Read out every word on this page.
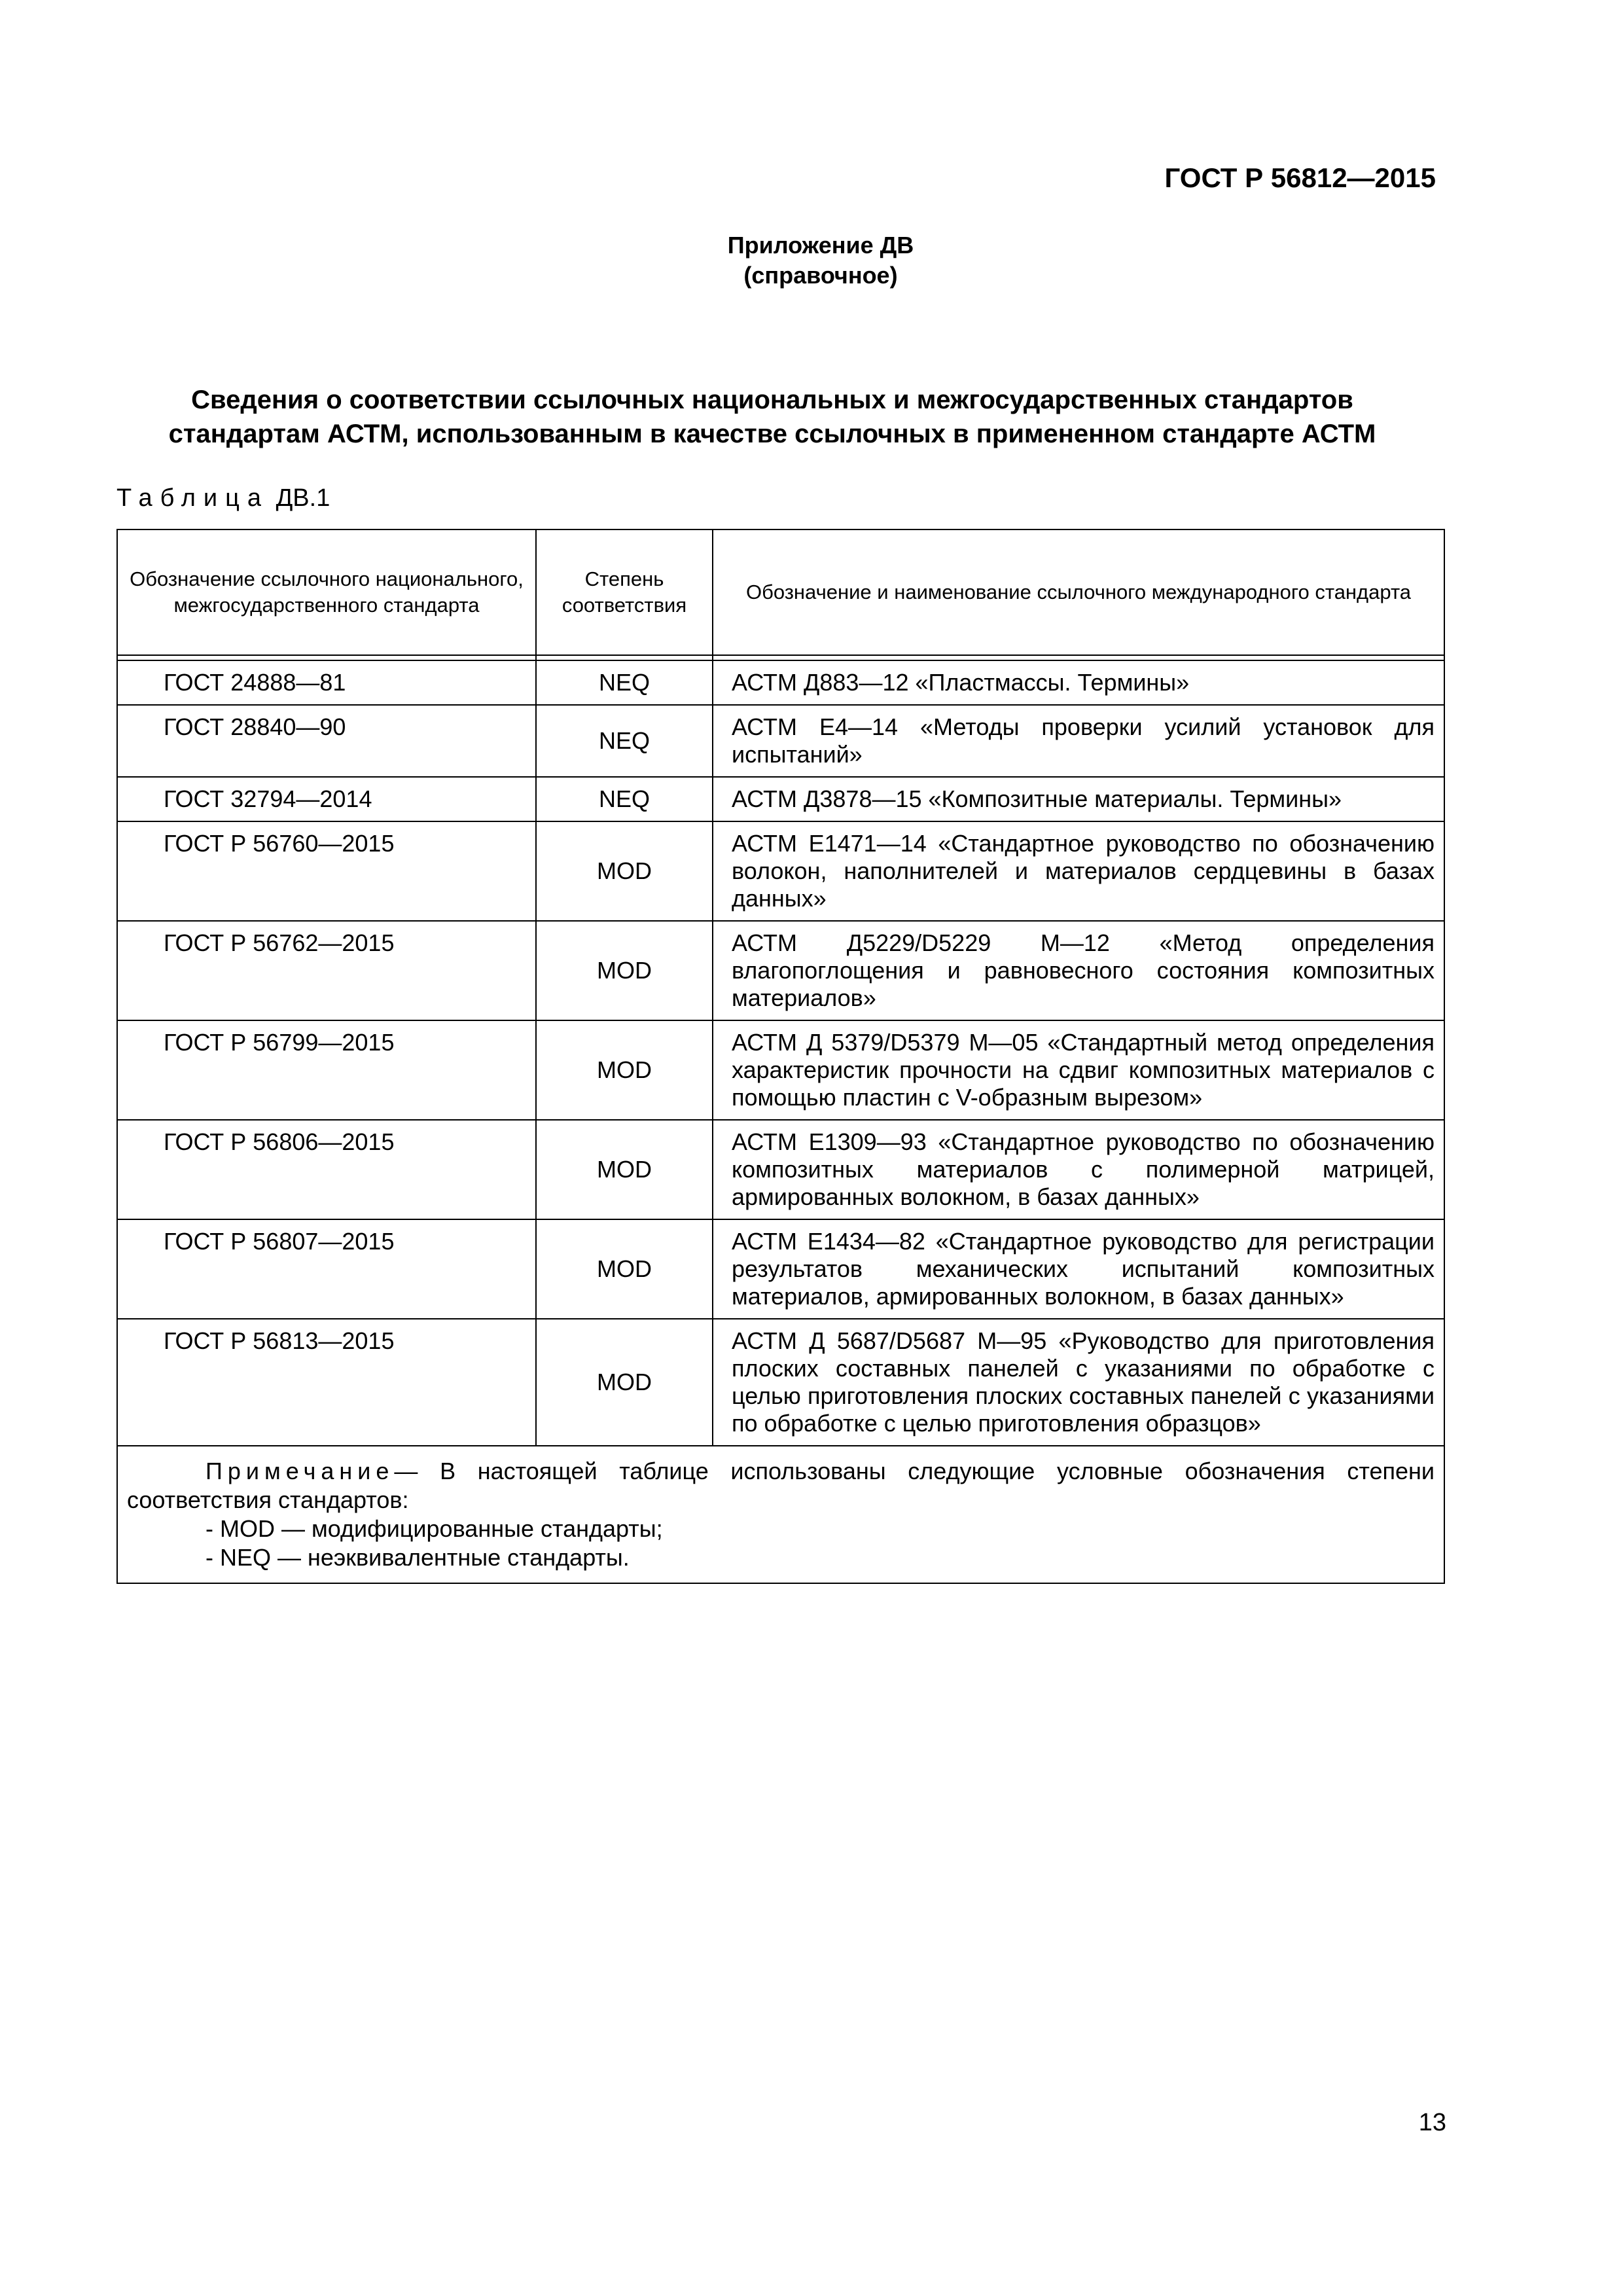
ГОСТ Р 56812—2015
Приложение ДВ
(справочное)
Сведения о соответствии ссылочных национальных и межгосударственных стандартов
стандартам АСТМ, использованным в качестве ссылочных в примененном стандарте АСТМ
Таблица ДВ.1
Обозначение ссылочного национального, межгосударственного стандарта	Степень соответствия	Обозначение и наименование ссылочного международного стандарта

ГОСТ 24888—81	NEQ	АСТМ Д883—12 «Пластмассы. Термины»
ГОСТ 28840—90	NEQ	АСТМ Е4—14 «Методы проверки усилий установок для испытаний»
ГОСТ 32794—2014	NEQ	АСТМ Д3878—15 «Композитные материалы. Термины»
ГОСТ Р 56760—2015	MOD	АСТМ Е1471—14 «Стандартное руководство по обозначению волокон, наполнителей и материалов сердцевины в базах данных»
ГОСТ Р 56762—2015	MOD	АСТМ Д5229/D5229 М—12 «Метод определения влагопоглощения и равновесного состояния композитных материалов»
ГОСТ Р 56799—2015	MOD	АСТМ Д 5379/D5379 М—05 «Стандартный метод определения характеристик прочности на сдвиг композитных материалов с помощью пластин с V-образным вырезом»
ГОСТ Р 56806—2015	MOD	АСТМ Е1309—93 «Стандартное руководство по обозначению композитных материалов с полимерной матрицей, армированных волокном, в базах данных»
ГОСТ Р 56807—2015	MOD	АСТМ Е1434—82 «Стандартное руководство для регистрации результатов механических испытаний композитных материалов, армированных волокном, в базах данных»
ГОСТ Р 56813—2015	MOD	АСТМ Д 5687/D5687 М—95 «Руководство для приготовления плоских составных панелей с указаниями по обработке с целью приготовления плоских составных панелей с указаниями по обработке с целью приготовления образцов»

Примечание— В настоящей таблице использованы следующие условные обозначения степени соответствия стандартов:
- MOD — модифицированные стандарты;
- NEQ — неэквивалентные стандарты.		
13
